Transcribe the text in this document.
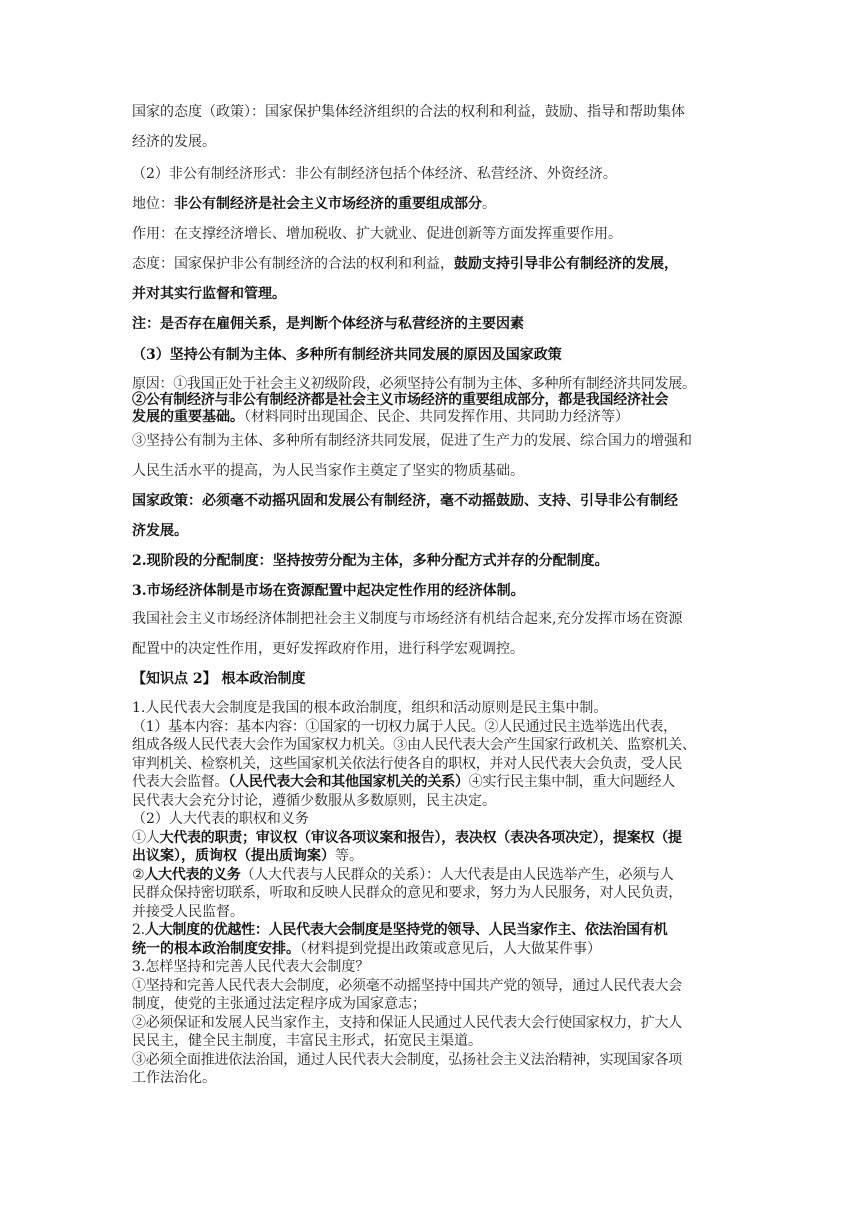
国家的态度（政策）：国家保护集体经济组织的合法的权利和利益，鼓励、指导和帮助集体
经济的发展。
（2）非公有制经济形式：非公有制经济包括个体经济、私营经济、外资经济。
地位：非公有制经济是社会主义市场经济的重要组成部分。
作用：在支撑经济增长、增加税收、扩大就业、促进创新等方面发挥重要作用。
态度：国家保护非公有制经济的合法的权利和利益，鼓励支持引导非公有制经济的发展，
并对其实行监督和管理。
注：是否存在雇佣关系，是判断个体经济与私营经济的主要因素
（3）坚持公有制为主体、多种所有制经济共同发展的原因及国家政策
原因：①我国正处于社会主义初级阶段，必须坚持公有制为主体、多种所有制经济共同发展。
②公有制经济与非公有制经济都是社会主义市场经济的重要组成部分，都是我国经济社会
发展的重要基础。（材料同时出现国企、民企、共同发挥作用、共同助力经济等）
③坚持公有制为主体、多种所有制经济共同发展，促进了生产力的发展、综合国力的增强和
人民生活水平的提高，为人民当家作主奠定了坚实的物质基础。
国家政策：必须毫不动摇巩固和发展公有制经济，毫不动摇鼓励、支持、引导非公有制经
济发展。
2.现阶段的分配制度：坚持按劳分配为主体，多种分配方式并存的分配制度。
3.市场经济体制是市场在资源配置中起决定性作用的经济体制。
我国社会主义市场经济体制把社会主义制度与市场经济有机结合起来,充分发挥市场在资源
配置中的决定性作用，更好发挥政府作用，进行科学宏观调控。
【知识点 2】 根本政治制度
1.人民代表大会制度是我国的根本政治制度，组织和活动原则是民主集中制。
（1）基本内容：基本内容：①国家的一切权力属于人民。②人民通过民主选举选出代表，
组成各级人民代表大会作为国家权力机关。③由人民代表大会产生国家行政机关、监察机关、
审判机关、检察机关，这些国家机关依法行使各自的职权，并对人民代表大会负责，受人民
代表大会监督。（人民代表大会和其他国家机关的关系）④实行民主集中制，重大问题经人
民代表大会充分讨论，遵循少数服从多数原则，民主决定。
（2）人大代表的职权和义务
①人大代表的职责；审议权（审议各项议案和报告），表决权（表决各项决定），提案权（提
出议案），质询权（提出质询案）等。
②人大代表的义务（人大代表与人民群众的关系）：人大代表是由人民选举产生，必须与人
民群众保持密切联系，听取和反映人民群众的意见和要求，努力为人民服务，对人民负责，
并接受人民监督。
2.人大制度的优越性：人民代表大会制度是坚持党的领导、人民当家作主、依法治国有机
统一的根本政治制度安排。（材料提到党提出政策或意见后，人大做某件事）
3.怎样坚持和完善人民代表大会制度？
①坚持和完善人民代表大会制度，必须毫不动摇坚持中国共产党的领导，通过人民代表大会
制度，使党的主张通过法定程序成为国家意志；
②必须保证和发展人民当家作主，支持和保证人民通过人民代表大会行使国家权力，扩大人
民民主，健全民主制度，丰富民主形式，拓宽民主渠道。
③必须全面推进依法治国，通过人民代表大会制度，弘扬社会主义法治精神，实现国家各项
工作法治化。
